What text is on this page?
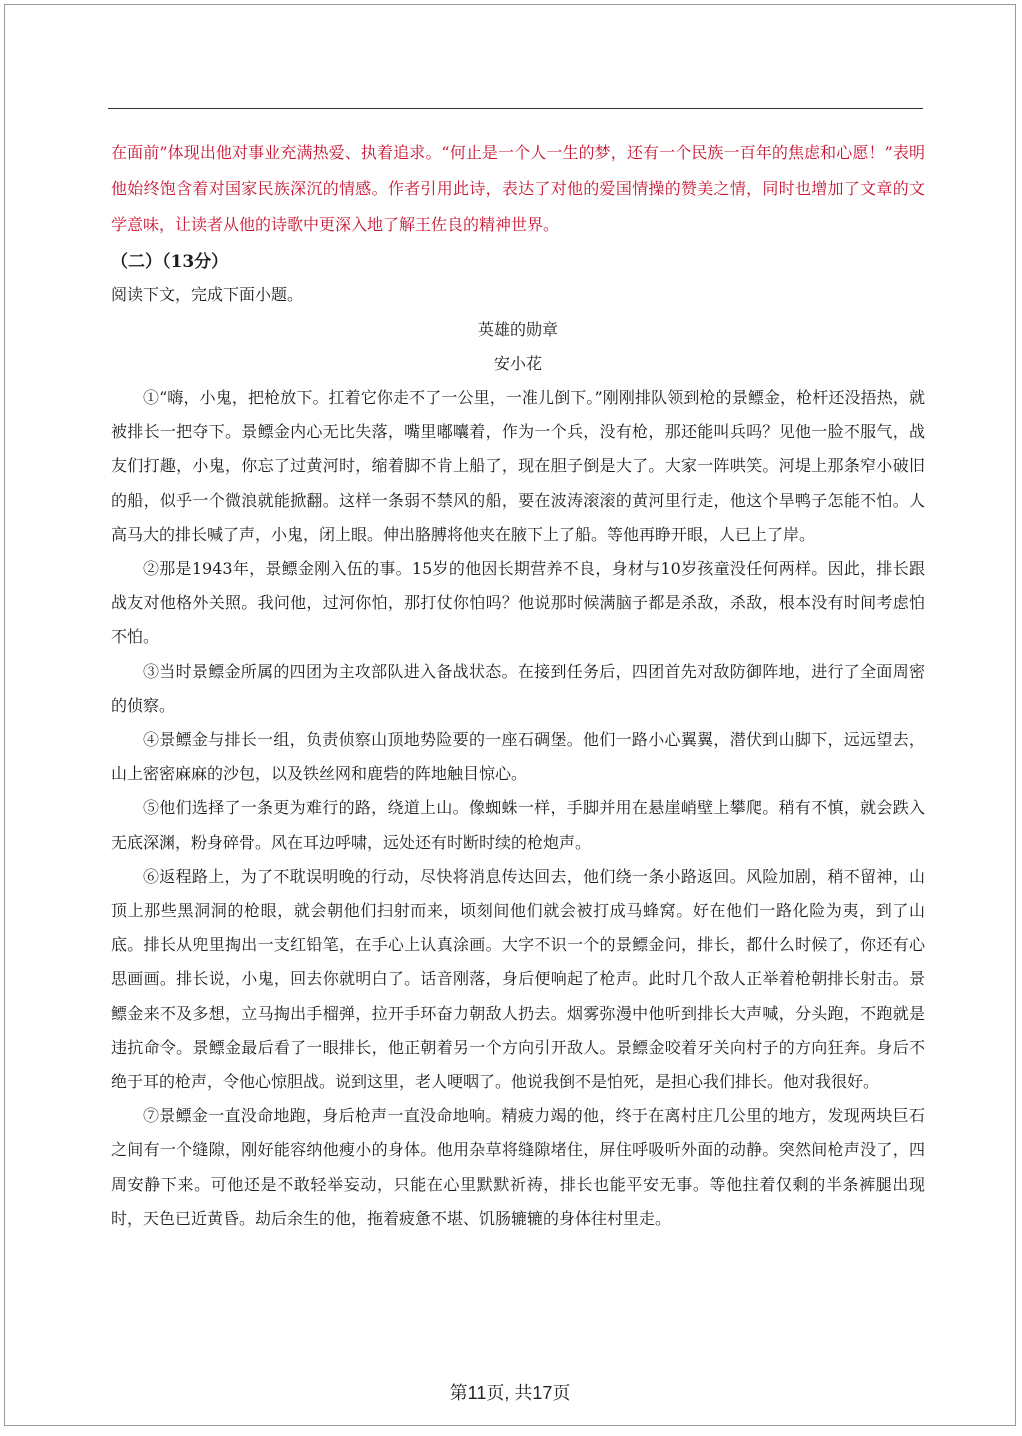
在面前”体现出他对事业充满热爱、执着追求。“何止是一个人一生的梦，还有一个民族一百年的焦虑和心愿！”表明他始终饱含着对国家民族深沉的情感。作者引用此诗，表达了对他的爱国情操的赞美之情，同时也增加了文章的文学意味，让读者从他的诗歌中更深入地了解王佐良的精神世界。

（二）（13分）

阅读下文，完成下面小题。

英雄的勋章

安小花

①“嗨，小鬼，把枪放下。扛着它你走不了一公里，一准儿倒下。”刚刚排队领到枪的景鳔金，枪杆还没捂热，就被排长一把夺下。景鳔金内心无比失落，嘴里嘟囔着，作为一个兵，没有枪，那还能叫兵吗？见他一脸不服气，战友们打趣，小鬼，你忘了过黄河时，缩着脚不肯上船了，现在胆子倒是大了。大家一阵哄笑。河堤上那条窄小破旧的船，似乎一个微浪就能掀翻。这样一条弱不禁风的船，要在波涛滚滚的黄河里行走，他这个旱鸭子怎能不怕。人高马大的排长喊了声，小鬼，闭上眼。伸出胳膊将他夹在腋下上了船。等他再睁开眼，人已上了岸。

②那是1943年，景鳔金刚入伍的事。15岁的他因长期营养不良，身材与10岁孩童没任何两样。因此，排长跟战友对他格外关照。我问他，过河你怕，那打仗你怕吗？他说那时候满脑子都是杀敌，杀敌，根本没有时间考虑怕不怕。

③当时景鳔金所属的四团为主攻部队进入备战状态。在接到任务后，四团首先对敌防御阵地，进行了全面周密的侦察。

④景鳔金与排长一组，负责侦察山顶地势险要的一座石碉堡。他们一路小心翼翼，潜伏到山脚下，远远望去，山上密密麻麻的沙包，以及铁丝网和鹿砦的阵地触目惊心。

⑤他们选择了一条更为难行的路，绕道上山。像蜘蛛一样，手脚并用在悬崖峭壁上攀爬。稍有不慎，就会跌入无底深渊，粉身碎骨。风在耳边呼啸，远处还有时断时续的枪炮声。

⑥返程路上，为了不耽误明晚的行动，尽快将消息传达回去，他们绕一条小路返回。风险加剧，稍不留神，山顶上那些黑洞洞的枪眼，就会朝他们扫射而来，顷刻间他们就会被打成马蜂窝。好在他们一路化险为夷，到了山底。排长从兜里掏出一支红铅笔，在手心上认真涂画。大字不识一个的景鳔金问，排长，都什么时候了，你还有心思画画。排长说，小鬼，回去你就明白了。话音刚落，身后便响起了枪声。此时几个敌人正举着枪朝排长射击。景鳔金来不及多想，立马掏出手榴弹，拉开手环奋力朝敌人扔去。烟雾弥漫中他听到排长大声喊，分头跑，不跑就是违抗命令。景鳔金最后看了一眼排长，他正朝着另一个方向引开敌人。景鳔金咬着牙关向村子的方向狂奔。身后不绝于耳的枪声，令他心惊胆战。说到这里，老人哽咽了。他说我倒不是怕死，是担心我们排长。他对我很好。

⑦景鳔金一直没命地跑，身后枪声一直没命地响。精疲力竭的他，终于在离村庄几公里的地方，发现两块巨石之间有一个缝隙，刚好能容纳他瘦小的身体。他用杂草将缝隙堵住，屏住呼吸听外面的动静。突然间枪声没了，四周安静下来。可他还是不敢轻举妄动，只能在心里默默祈祷，排长也能平安无事。等他拄着仅剩的半条裤腿出现时，天色已近黄昏。劫后余生的他，拖着疲惫不堪、饥肠辘辘的身体往村里走。

第11页, 共17页
